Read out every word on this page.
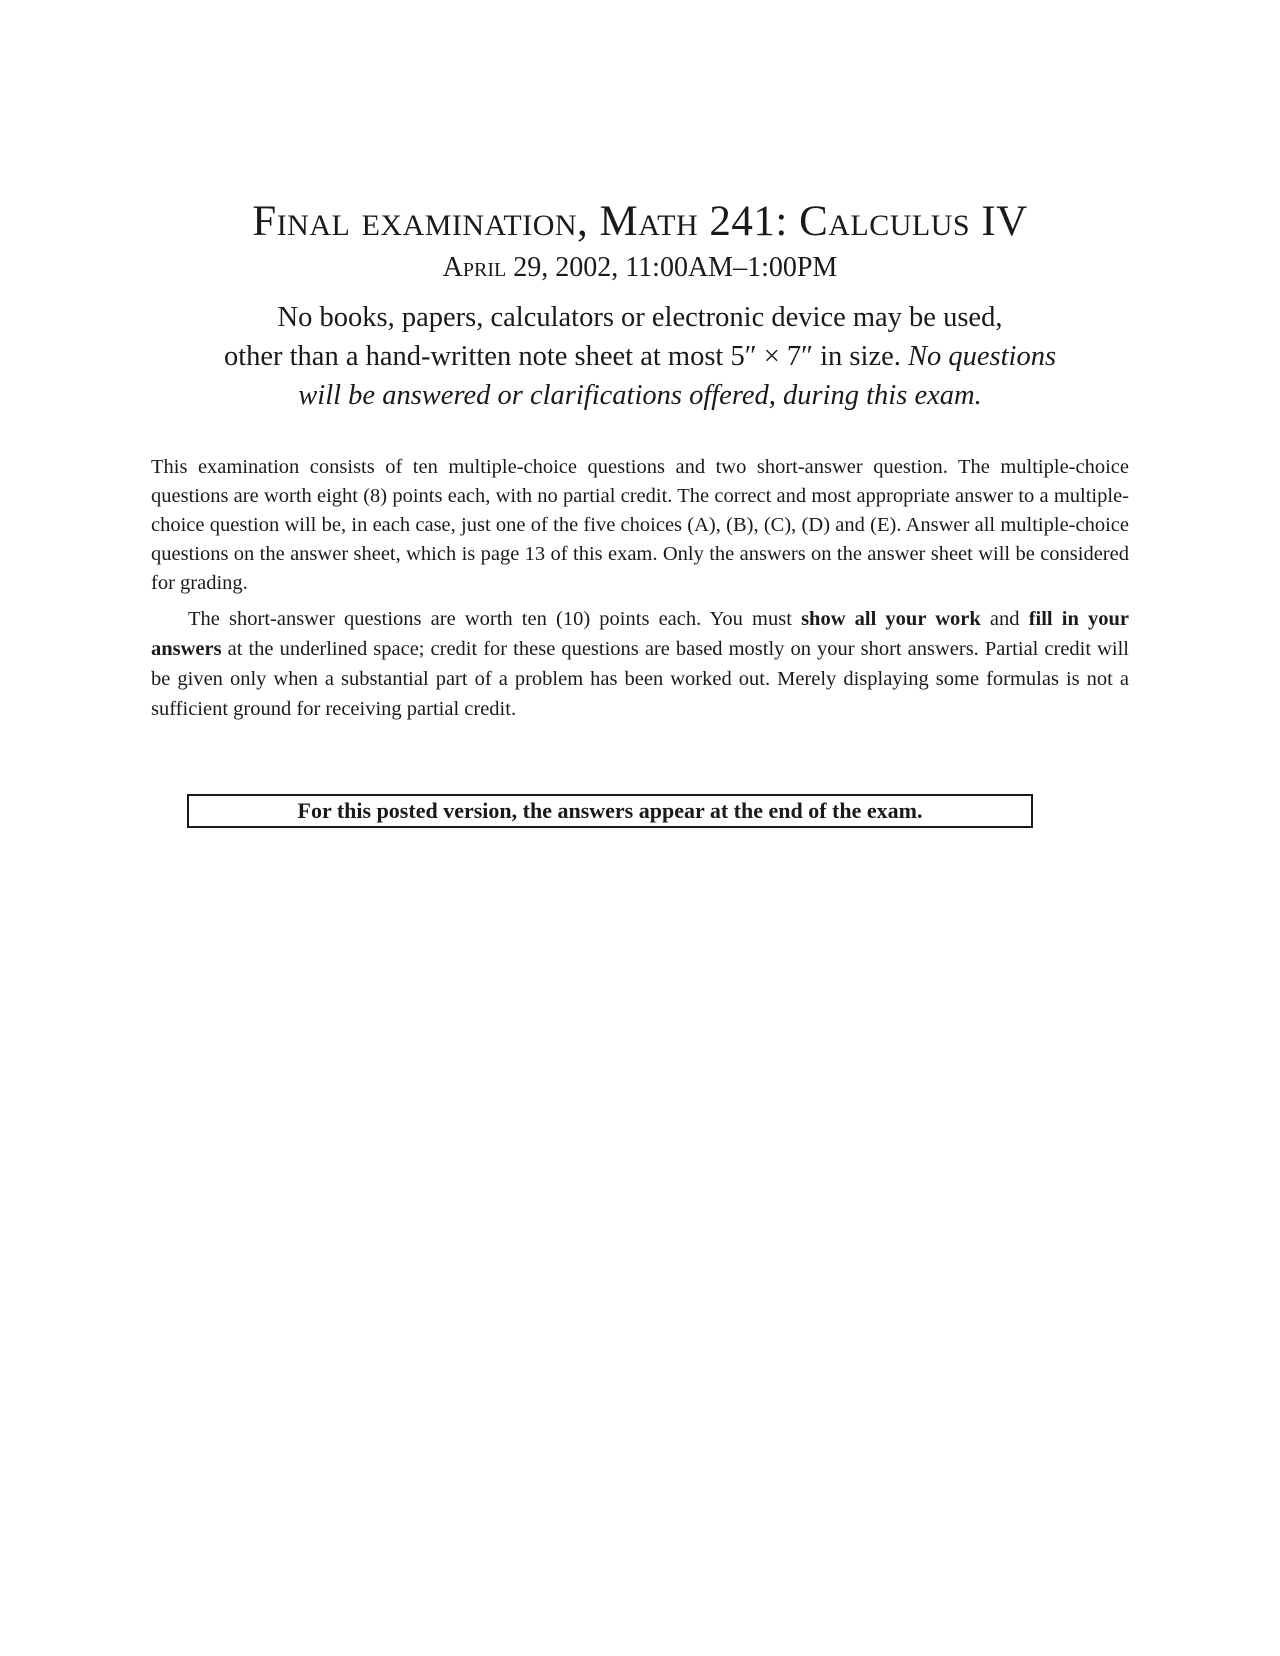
Final examination, Math 241: Calculus IV
April 29, 2002, 11:00AM–1:00PM
No books, papers, calculators or electronic device may be used,
other than a hand-written note sheet at most 5″ × 7″ in size. No questions
will be answered or clarifications offered, during this exam.
This examination consists of ten multiple-choice questions and two short-answer question. The multiple-choice questions are worth eight (8) points each, with no partial credit. The correct and most appropriate answer to a multiple-choice question will be, in each case, just one of the five choices (A), (B), (C), (D) and (E). Answer all multiple-choice questions on the answer sheet, which is page 13 of this exam. Only the answers on the answer sheet will be considered for grading.
The short-answer questions are worth ten (10) points each. You must show all your work and fill in your answers at the underlined space; credit for these questions are based mostly on your short answers. Partial credit will be given only when a substantial part of a problem has been worked out. Merely displaying some formulas is not a sufficient ground for receiving partial credit.
For this posted version, the answers appear at the end of the exam.
